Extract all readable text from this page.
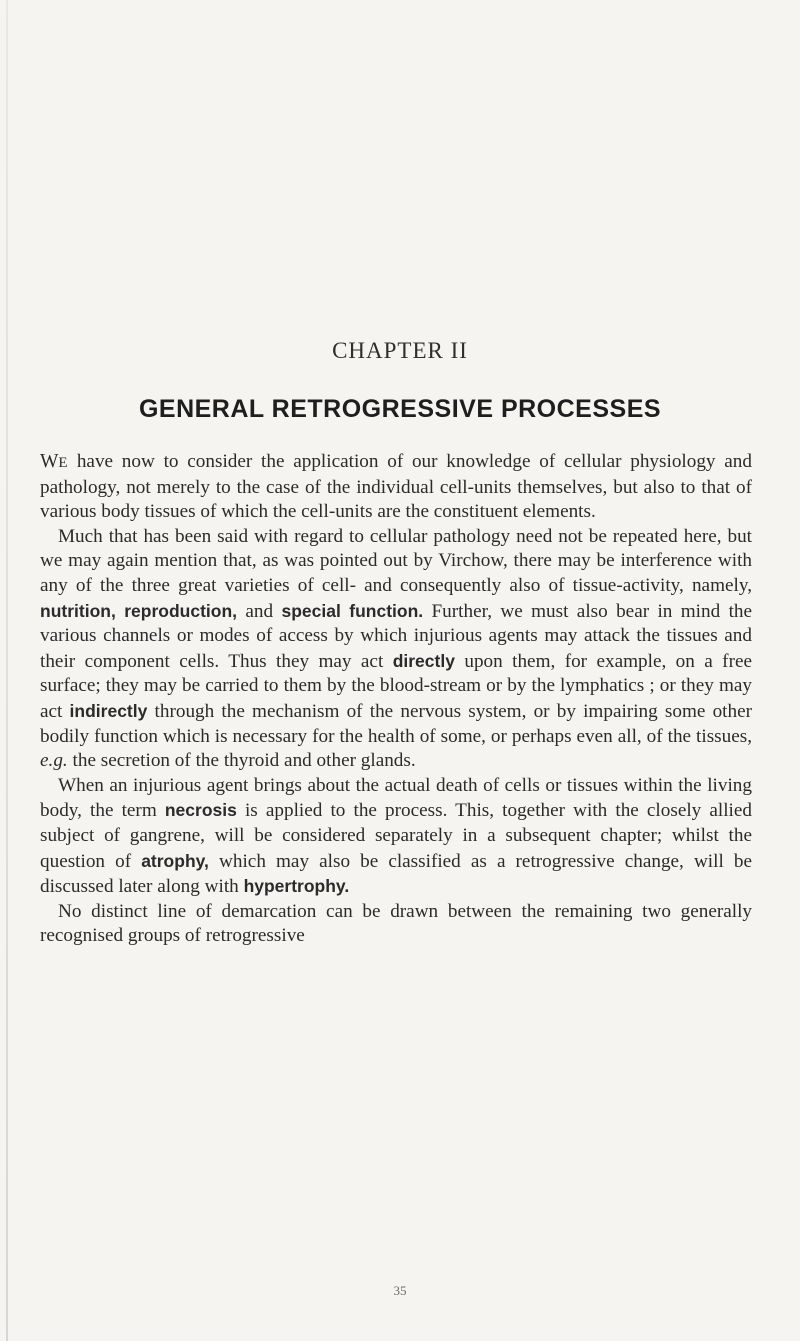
CHAPTER II
GENERAL RETROGRESSIVE PROCESSES

WE have now to consider the application of our knowledge of cellular physiology and pathology, not merely to the case of the individual cell-units themselves, but also to that of various body tissues of which the cell-units are the constituent elements.

Much that has been said with regard to cellular pathology need not be repeated here, but we may again mention that, as was pointed out by Virchow, there may be interference with any of the three great varieties of cell- and consequently also of tissue-activity, namely, nutrition, reproduction, and special function. Further, we must also bear in mind the various channels or modes of access by which injurious agents may attack the tissues and their component cells. Thus they may act directly upon them, for example, on a free surface; they may be carried to them by the blood-stream or by the lymphatics ; or they may act indirectly through the mechanism of the nervous system, or by impairing some other bodily function which is necessary for the health of some, or perhaps even all, of the tissues, e.g. the secretion of the thyroid and other glands.

When an injurious agent brings about the actual death of cells or tissues within the living body, the term necrosis is applied to the process. This, together with the closely allied subject of gangrene, will be considered separately in a subsequent chapter; whilst the question of atrophy, which may also be classified as a retrogressive change, will be discussed later along with hypertrophy.

No distinct line of demarcation can be drawn between the remaining two generally recognised groups of retrogressive

35
